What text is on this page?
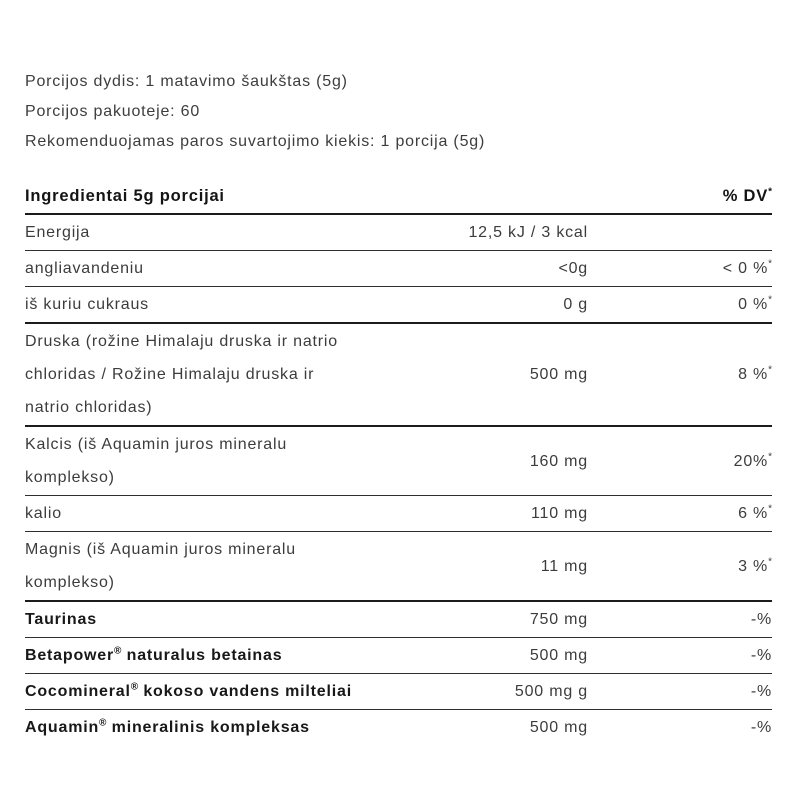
Porcijos dydis: 1 matavimo šaukštas (5g)
Porcijos pakuoteje: 60
Rekomenduojamas paros suvartojimo kiekis: 1 porcija (5g)
Ingredientai 5g porcijai	% DV*
Energija	12,5 kJ / 3 kcal
angliavandeniu	<0g	< 0 %*
iš kuriu cukraus	0 g	0 %*
Druska (rožine Himalaju druska ir natrio
chloridas / Rožine Himalaju druska ir
natrio chloridas)
500 mg	8 %*
Kalcis (iš Aquamin juros mineralu
komplekso)
160 mg	20%*
kalio	110 mg	6 %*
Magnis (iš Aquamin juros mineralu
komplekso)
11 mg	3 %*
Taurinas	750 mg	-%
Betapower® naturalus betainas	500 mg	-%
Cocomineral® kokoso vandens milteliai	500 mg g	-%
Aquamin® mineralinis kompleksas	500 mg	-%
